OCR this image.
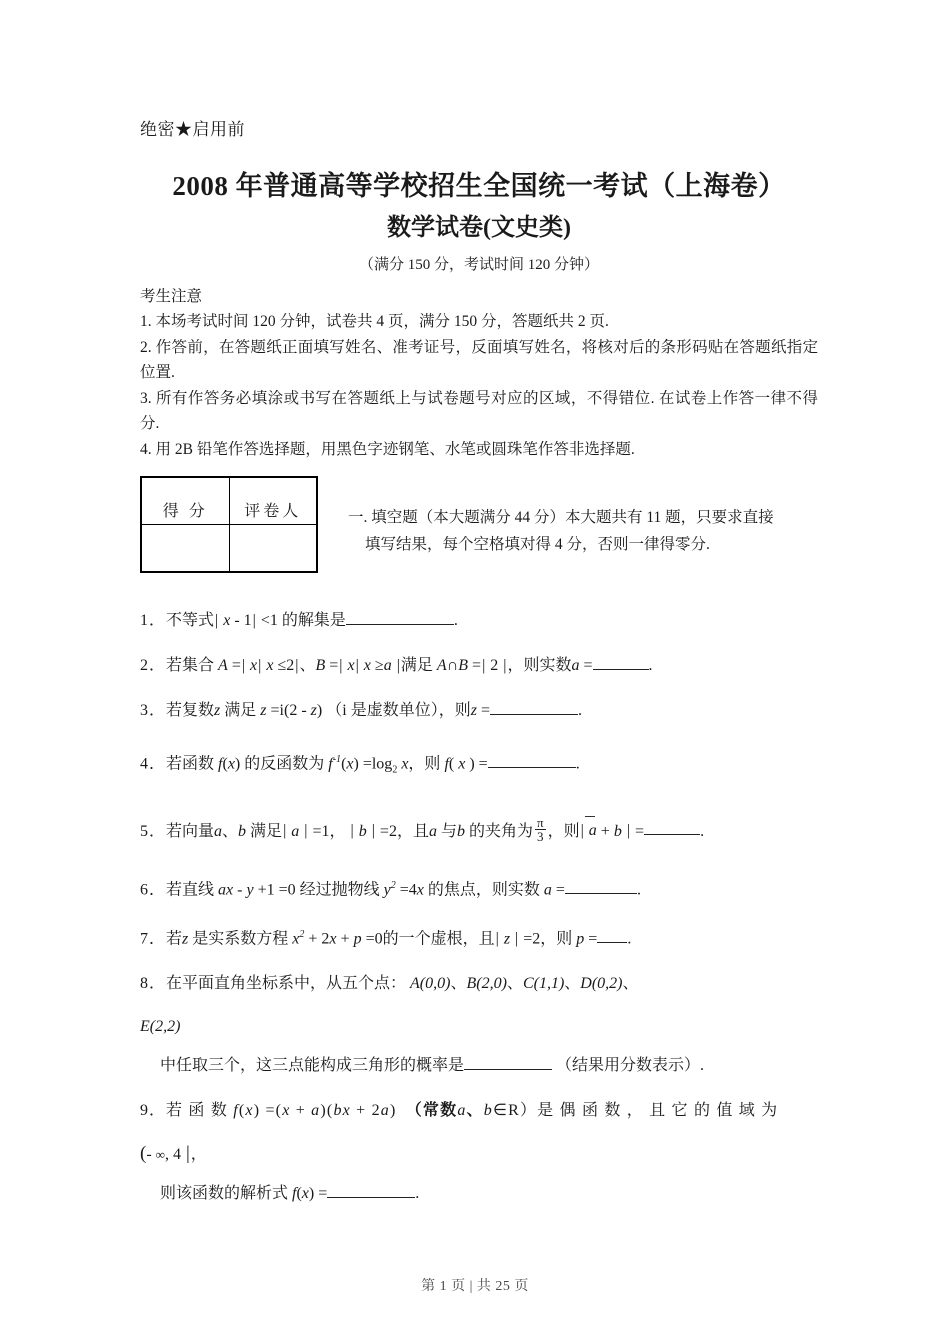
绝密★启用前
2008 年普通高等学校招生全国统一考试（上海卷）
数学试卷(文史类)
（满分 150 分，考试时间 120 分钟）
考生注意
1. 本场考试时间 120 分钟，试卷共 4 页，满分 150 分，答题纸共 2 页.
2. 作答前，在答题纸正面填写姓名、准考证号，反面填写姓名，将核对后的条形码贴在答题纸指定位置.
3. 所有作答务必填涂或书写在答题纸上与试卷题号对应的区域，不得错位. 在试卷上作答一律不得分.
4. 用 2B 铅笔作答选择题，用黑色字迹钢笔、水笔或圆珠笔作答非选择题.
得 分	评卷人
		一. 填空题（本大题满分 44 分）本大题共有 11 题，只要求直接
填写结果，每个空格填对得 4 分，否则一律得零分.
1．不等式| x - 1| <1 的解集是	.
2．若集合 A =| x| x ≤2|、B =| x| x ≥a |满足 A∩B =| 2 |，则实数a =	.
3．若复数z 满足 z =i(2 - z) （i 是虚数单位），则z =	.
4．若函数 f(x) 的反函数为 $f^{-1}(x) =\log_2$ x，则 f( x ) =	.
5．若向量a、b 满足| a | =1， | b | =2，且a 与b 的夹角为 $\frac{\pi}{3}$ ，则| a + b | =	.
6．若直线 ax - y +1 =0 经过抛物线 $y^2 =4x$ 的焦点，则实数 a =	.
7．若z 是实系数方程 $x^2 + 2x + p =0$的一个虚根，且| z | =2，则 p = .
8．在平面直角坐标系中，从五个点： A(0,0)、B(2,0)、C(1,1)、D(0,2)、
E(2,2)
中任取三个，这三点能构成三角形的概率是	（结果用分数表示）.
9．若 函 数 f(x) =(x + a)(bx + 2a) （常数a、b∈R）是 偶 函 数 ， 且 它 的 值 域 为
(- ∞, 4 |，
则该函数的解析式 f(x) =	.
第 1 页 | 共 25 页
